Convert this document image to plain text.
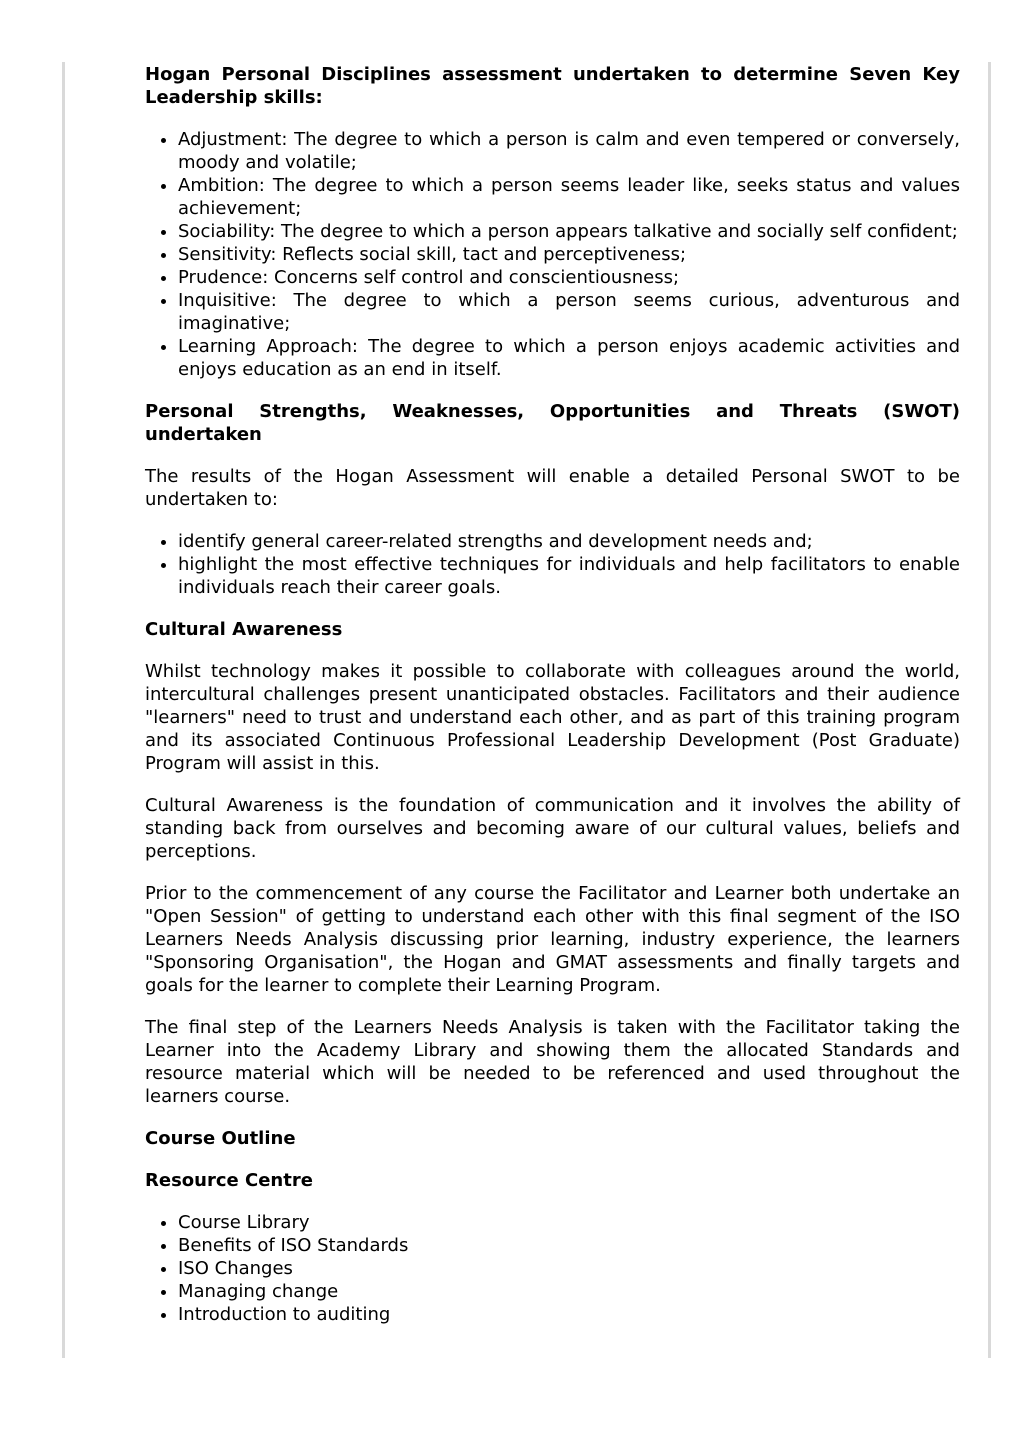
Hogan Personal Disciplines assessment undertaken to determine Seven Key Leadership skills:
• Adjustment: The degree to which a person is calm and even tempered or conversely, moody and volatile;
• Ambition: The degree to which a person seems leader like, seeks status and values achievement;
• Sociability: The degree to which a person appears talkative and socially self confident;
• Sensitivity: Reflects social skill, tact and perceptiveness;
• Prudence: Concerns self control and conscientiousness;
• Inquisitive: The degree to which a person seems curious, adventurous and imaginative;
• Learning Approach: The degree to which a person enjoys academic activities and enjoys education as an end in itself.
Personal Strengths, Weaknesses, Opportunities and Threats (SWOT) undertaken

The results of the Hogan Assessment will enable a detailed Personal SWOT to be undertaken to:

• identify general career-related strengths and development needs and;
• highlight the most effective techniques for individuals and help facilitators to enable individuals reach their career goals.
Cultural Awareness

Whilst technology makes it possible to collaborate with colleagues around the world, intercultural challenges present unanticipated obstacles. Facilitators and their audience "learners" need to trust and understand each other, and as part of this training program and its associated Continuous Professional Leadership Development (Post Graduate) Program will assist in this.

Cultural Awareness is the foundation of communication and it involves the ability of standing back from ourselves and becoming aware of our cultural values, beliefs and perceptions.

Prior to the commencement of any course the Facilitator and Learner both undertake an "Open Session" of getting to understand each other with this final segment of the ISO Learners Needs Analysis discussing prior learning, industry experience, the learners "Sponsoring Organisation", the Hogan and GMAT assessments and finally targets and goals for the learner to complete their Learning Program.

The final step of the Learners Needs Analysis is taken with the Facilitator taking the Learner into the Academy Library and showing them the allocated Standards and resource material which will be needed to be referenced and used throughout the learners course.

Course Outline
Resource Centre
• Course Library
• Benefits of ISO Standards
• ISO Changes
• Managing change
• Introduction to auditing
